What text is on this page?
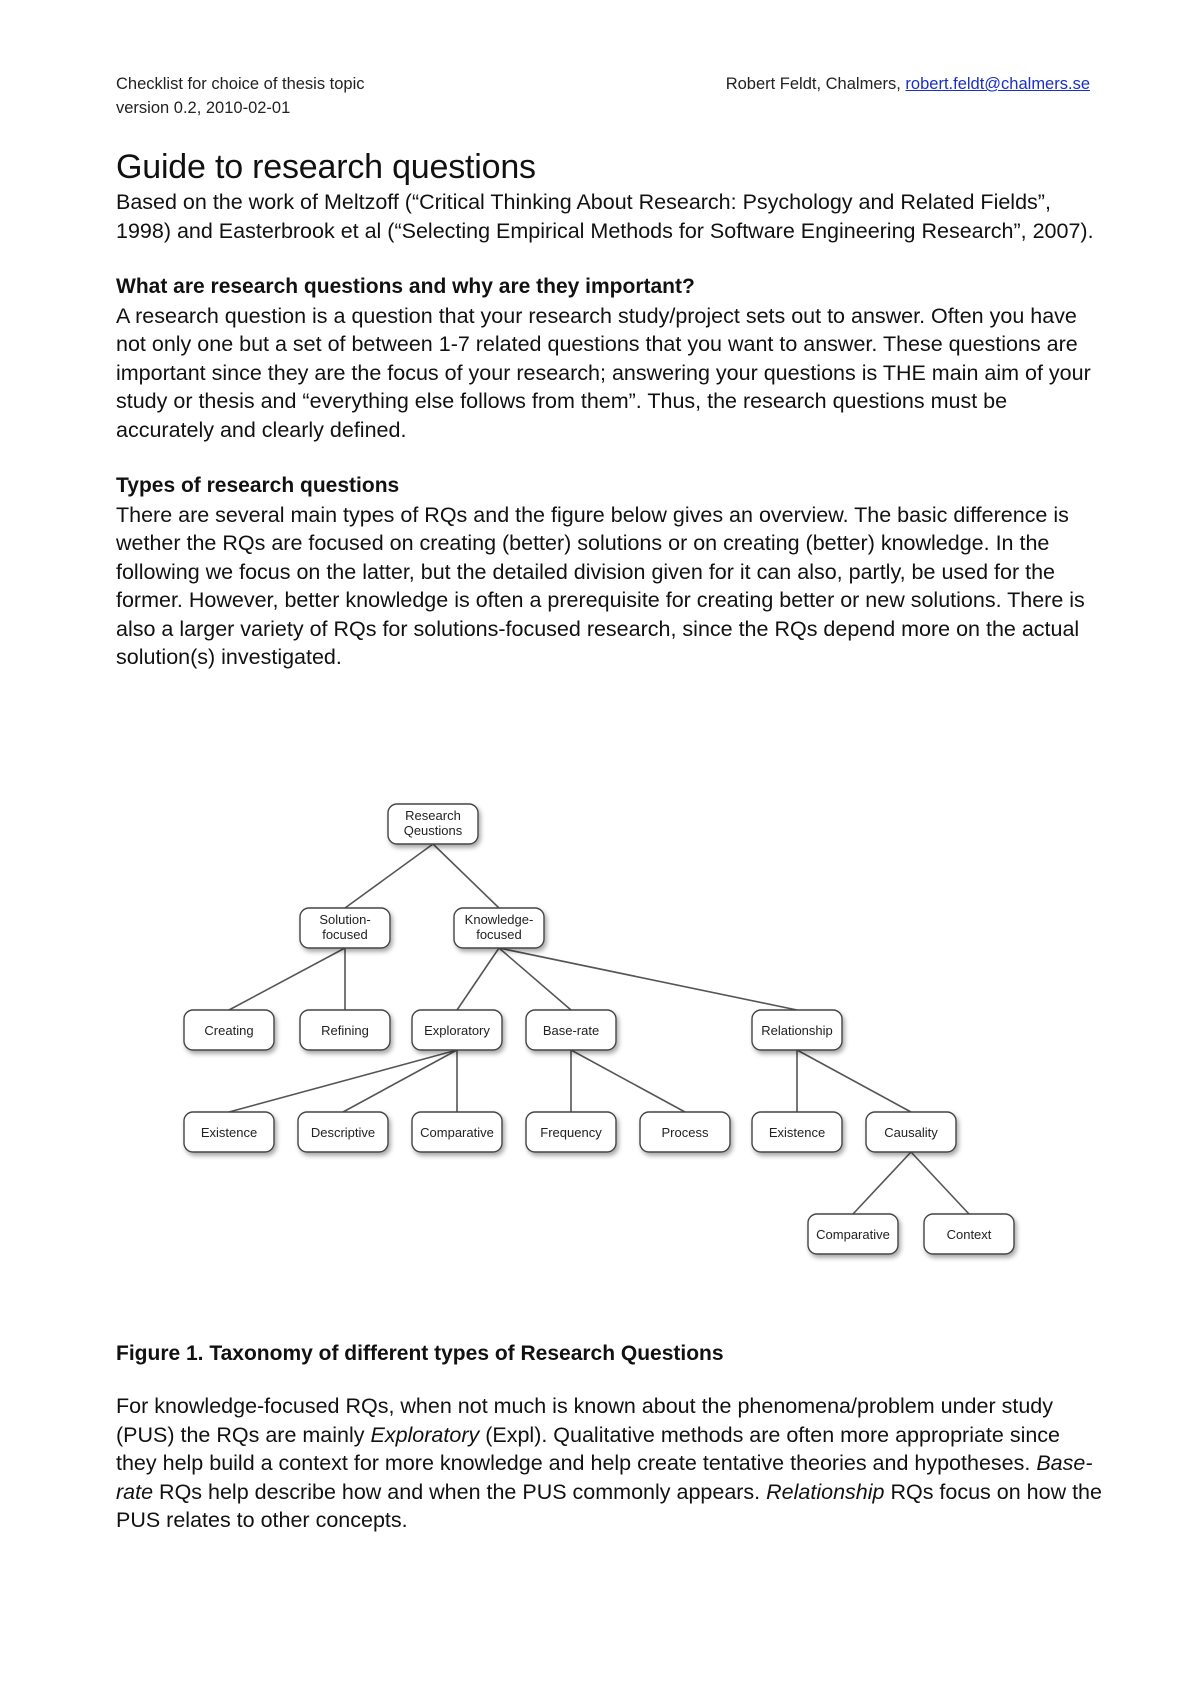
Checklist for choice of thesis topic
version 0.2, 2010-02-01
Robert Feldt, Chalmers, robert.feldt@chalmers.se
Guide to research questions

Based on the work of Meltzoff (“Critical Thinking About Research: Psychology and Related Fields”, 1998) and Easterbrook et al (“Selecting Empirical Methods for Software Engineering Research”, 2007).

What are research questions and why are they important?

A research question is a question that your research study/project sets out to answer. Often you have not only one but a set of between 1-7 related questions that you want to answer. These questions are important since they are the focus of your research; answering your questions is THE main aim of your study or thesis and “everything else follows from them”. Thus, the research questions must be accurately and clearly defined.

Types of research questions

There are several main types of RQs and the figure below gives an overview. The basic difference is wether the RQs are focused on creating (better) solutions or on creating (better) knowledge. In the following we focus on the latter, but the detailed division given for it can also, partly, be used for the former. However, better knowledge is often a prerequisite for creating better or new solutions. There is also a larger variety of RQs for solutions-focused research, since the RQs depend more on the actual solution(s) investigated.

Research
Qeustions
Solution-
focused
Knowledge-
focused
Creating	Refining	Exploratory	Base-rate	Relationship
Existence	Descriptive	Comparative	Frequency	Process	Existence	Causality
Comparative	Context
Figure 1. Taxonomy of different types of Research Questions

For knowledge-focused RQs, when not much is known about the phenomena/problem under study (PUS) the RQs are mainly Exploratory (Expl). Qualitative methods are often more appropriate since they help build a context for more knowledge and help create tentative theories and hypotheses. Base-rate RQs help describe how and when the PUS commonly appears. Relationship RQs focus on how the PUS relates to other concepts.
